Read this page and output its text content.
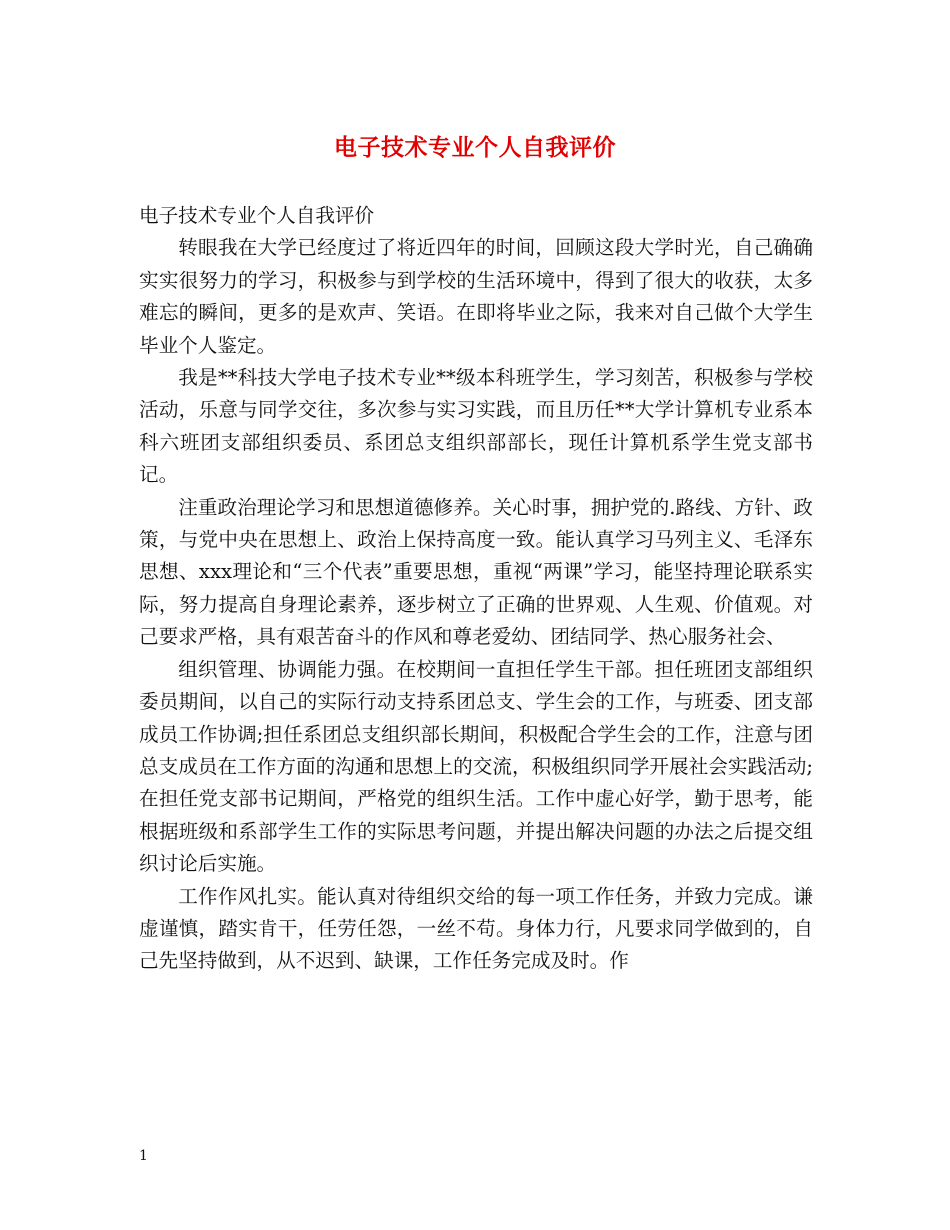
电子技术专业个人自我评价

电子技术专业个人自我评价

转眼我在大学已经度过了将近四年的时间，回顾这段大学时光，自己确确实实很努力的学习，积极参与到学校的生活环境中，得到了很大的收获，太多难忘的瞬间，更多的是欢声、笑语。在即将毕业之际，我来对自己做个大学生毕业个人鉴定。

我是**科技大学电子技术专业**级本科班学生，学习刻苦，积极参与学校活动，乐意与同学交往，多次参与实习实践，而且历任**大学计算机专业系本科六班团支部组织委员、系团总支组织部部长，现任计算机系学生党支部书记。

注重政治理论学习和思想道德修养。关心时事，拥护党的.路线、方针、政策，与党中央在思想上、政治上保持高度一致。能认真学习马列主义、毛泽东思想、xxx理论和“三个代表”重要思想，重视“两课”学习，能坚持理论联系实际，努力提高自身理论素养，逐步树立了正确的世界观、人生观、价值观。对己要求严格，具有艰苦奋斗的作风和尊老爱幼、团结同学、热心服务社会、

组织管理、协调能力强。在校期间一直担任学生干部。担任班团支部组织委员期间，以自己的实际行动支持系团总支、学生会的工作，与班委、团支部成员工作协调;担任系团总支组织部长期间，积极配合学生会的工作，注意与团总支成员在工作方面的沟通和思想上的交流，积极组织同学开展社会实践活动;在担任党支部书记期间，严格党的组织生活。工作中虚心好学，勤于思考，能根据班级和系部学生工作的实际思考问题，并提出解决问题的办法之后提交组织讨论后实施。

工作作风扎实。能认真对待组织交给的每一项工作任务，并致力完成。谦虚谨慎，踏实肯干，任劳任怨，一丝不苟。身体力行，凡要求同学做到的，自己先坚持做到，从不迟到、缺课，工作任务完成及时。作

1
